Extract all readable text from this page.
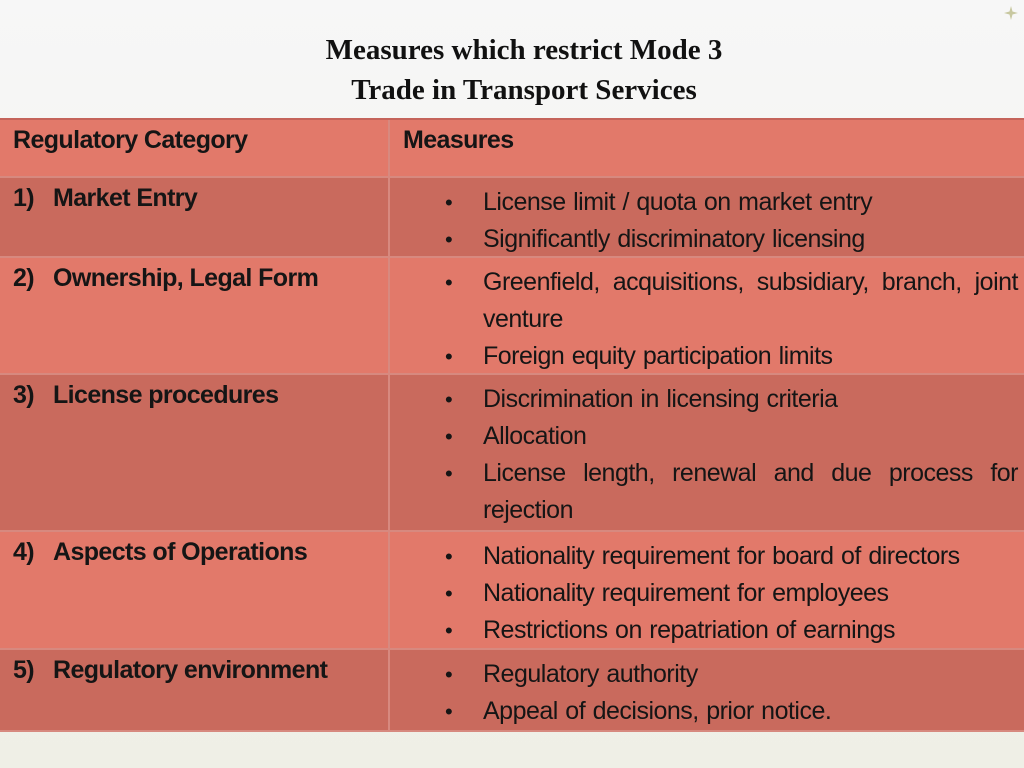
Measures which restrict Mode 3
Trade in Transport Services
Regulatory Category	Measures
1) Market Entry	•	License limit / quota on market entry
•	Significantly discriminatory licensing
2) Ownership, Legal Form	•	Greenfield, acquisitions, subsidiary, branch, joint venture
•	Foreign equity participation limits
3) License procedures	•	Discrimination in licensing criteria
•	Allocation
•	License length, renewal and due process for rejection
4) Aspects of Operations	•	Nationality requirement for board of directors
•	Nationality requirement for employees
•	Restrictions on repatriation of earnings
5) Regulatory environment	•	Regulatory authority
•	Appeal of decisions, prior notice.
